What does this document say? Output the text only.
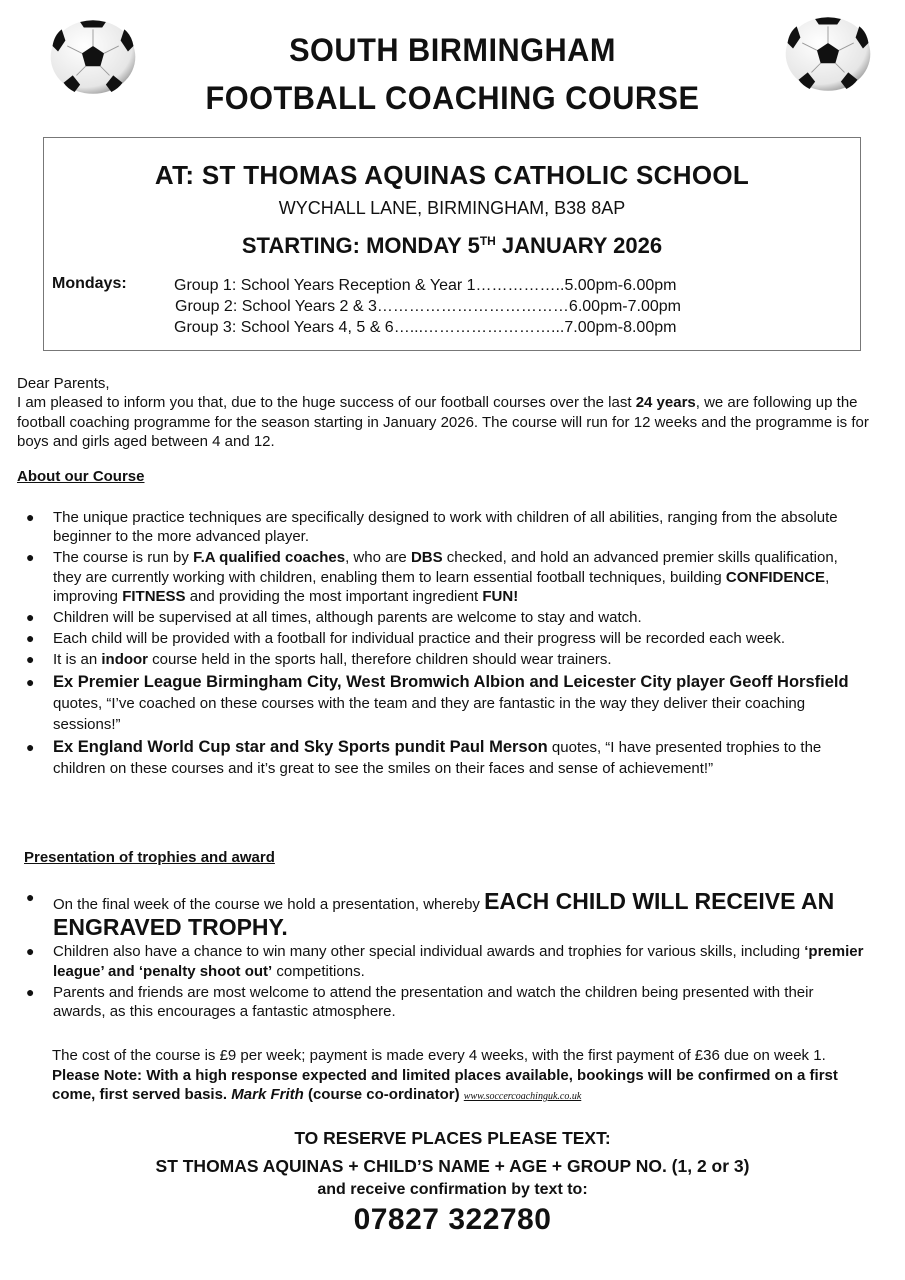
SOUTH BIRMINGHAM
FOOTBALL COACHING COURSE
AT: ST THOMAS AQUINAS CATHOLIC SCHOOL
WYCHALL LANE, BIRMINGHAM, B38 8AP
STARTING: MONDAY 5TH JANUARY 2026
Mondays:	Group 1: School Years Reception & Year 1……………..5.00pm-6.00pm
Group 2: School Years 2 & 3………………………………6.00pm-7.00pm
Group 3: School Years 4, 5 & 6…...……………………...7.00pm-8.00pm
Dear Parents,
I am pleased to inform you that, due to the huge success of our football courses over the last 24 years, we are following up the football coaching programme for the season starting in January 2026. The course will run for 12 weeks and the programme is for boys and girls aged between 4 and 12.
About our Course
● The unique practice techniques are specifically designed to work with children of all abilities, ranging from the absolute beginner to the more advanced player.
● The course is run by F.A qualified coaches, who are DBS checked, and hold an advanced premier skills qualification, they are currently working with children, enabling them to learn essential football techniques, building CONFIDENCE, improving FITNESS and providing the most important ingredient FUN!
● Children will be supervised at all times, although parents are welcome to stay and watch.
● Each child will be provided with a football for individual practice and their progress will be recorded each week.
● It is an indoor course held in the sports hall, therefore children should wear trainers.
● Ex Premier League Birmingham City, West Bromwich Albion and Leicester City player Geoff Horsfield quotes, “I’ve coached on these courses with the team and they are fantastic in the way they deliver their coaching sessions!”
● Ex England World Cup star and Sky Sports pundit Paul Merson quotes, “I have presented trophies to the children on these courses and it’s great to see the smiles on their faces and sense of achievement!”
Presentation of trophies and award
● On the final week of the course we hold a presentation, whereby EACH CHILD WILL RECEIVE AN ENGRAVED TROPHY.
● Children also have a chance to win many other special individual awards and trophies for various skills, including ‘premier league’ and ‘penalty shoot out’ competitions.
● Parents and friends are most welcome to attend the presentation and watch the children being presented with their awards, as this encourages a fantastic atmosphere.
The cost of the course is £9 per week; payment is made every 4 weeks, with the first payment of £36 due on week 1. Please Note: With a high response expected and limited places available, bookings will be confirmed on a first come, first served basis. Mark Frith (course co-ordinator) www.soccercoachinguk.co.uk
TO RESERVE PLACES PLEASE TEXT:
ST THOMAS AQUINAS + CHILD’S NAME + AGE + GROUP NO. (1, 2 or 3)
and receive confirmation by text to:
07827 322780
